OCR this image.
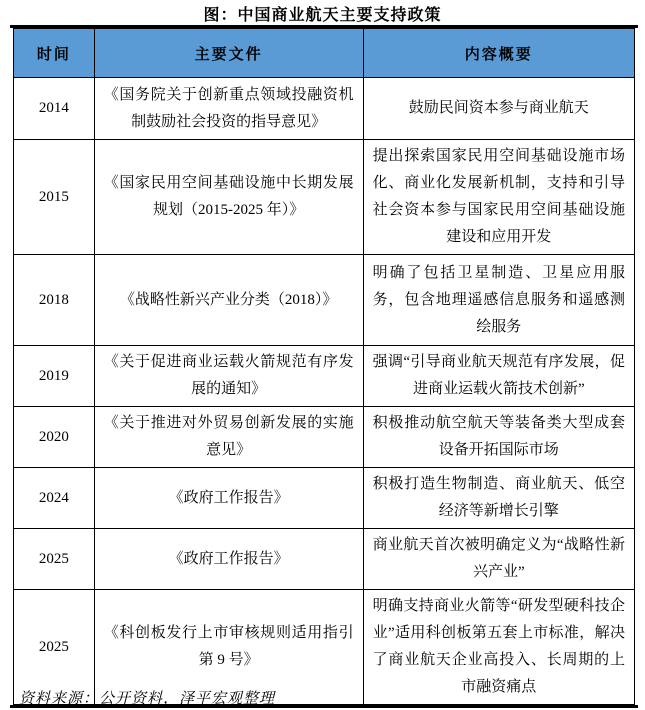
图：中国商业航天主要支持政策
时间	主要文件	内容概要
2014	《国务院关于创新重点领域投融资机制鼓励社会投资的指导意见》	鼓励民间资本参与商业航天
2015	《国家民用空间基础设施中长期发展规划（2015-2025 年）》	提出探索国家民用空间基础设施市场化、商业化发展新机制，支持和引导社会资本参与国家民用空间基础设施建设和应用开发
2018	《战略性新兴产业分类（2018）》	明确了包括卫星制造、卫星应用服务，包含地理遥感信息服务和遥感测绘服务
2019	《关于促进商业运载火箭规范有序发展的通知》	强调“引导商业航天规范有序发展，促进商业运载火箭技术创新”
2020	《关于推进对外贸易创新发展的实施意见》	积极推动航空航天等装备类大型成套设备开拓国际市场
2024	《政府工作报告》	积极打造生物制造、商业航天、低空经济等新增长引擎
2025	《政府工作报告》	商业航天首次被明确定义为“战略性新兴产业”
2025	《科创板发行上市审核规则适用指引第 9 号》	明确支持商业火箭等“研发型硬科技企业”适用科创板第五套上市标准，解决了商业航天企业高投入、长周期的上市融资痛点
资料来源：公开资料，泽平宏观整理
